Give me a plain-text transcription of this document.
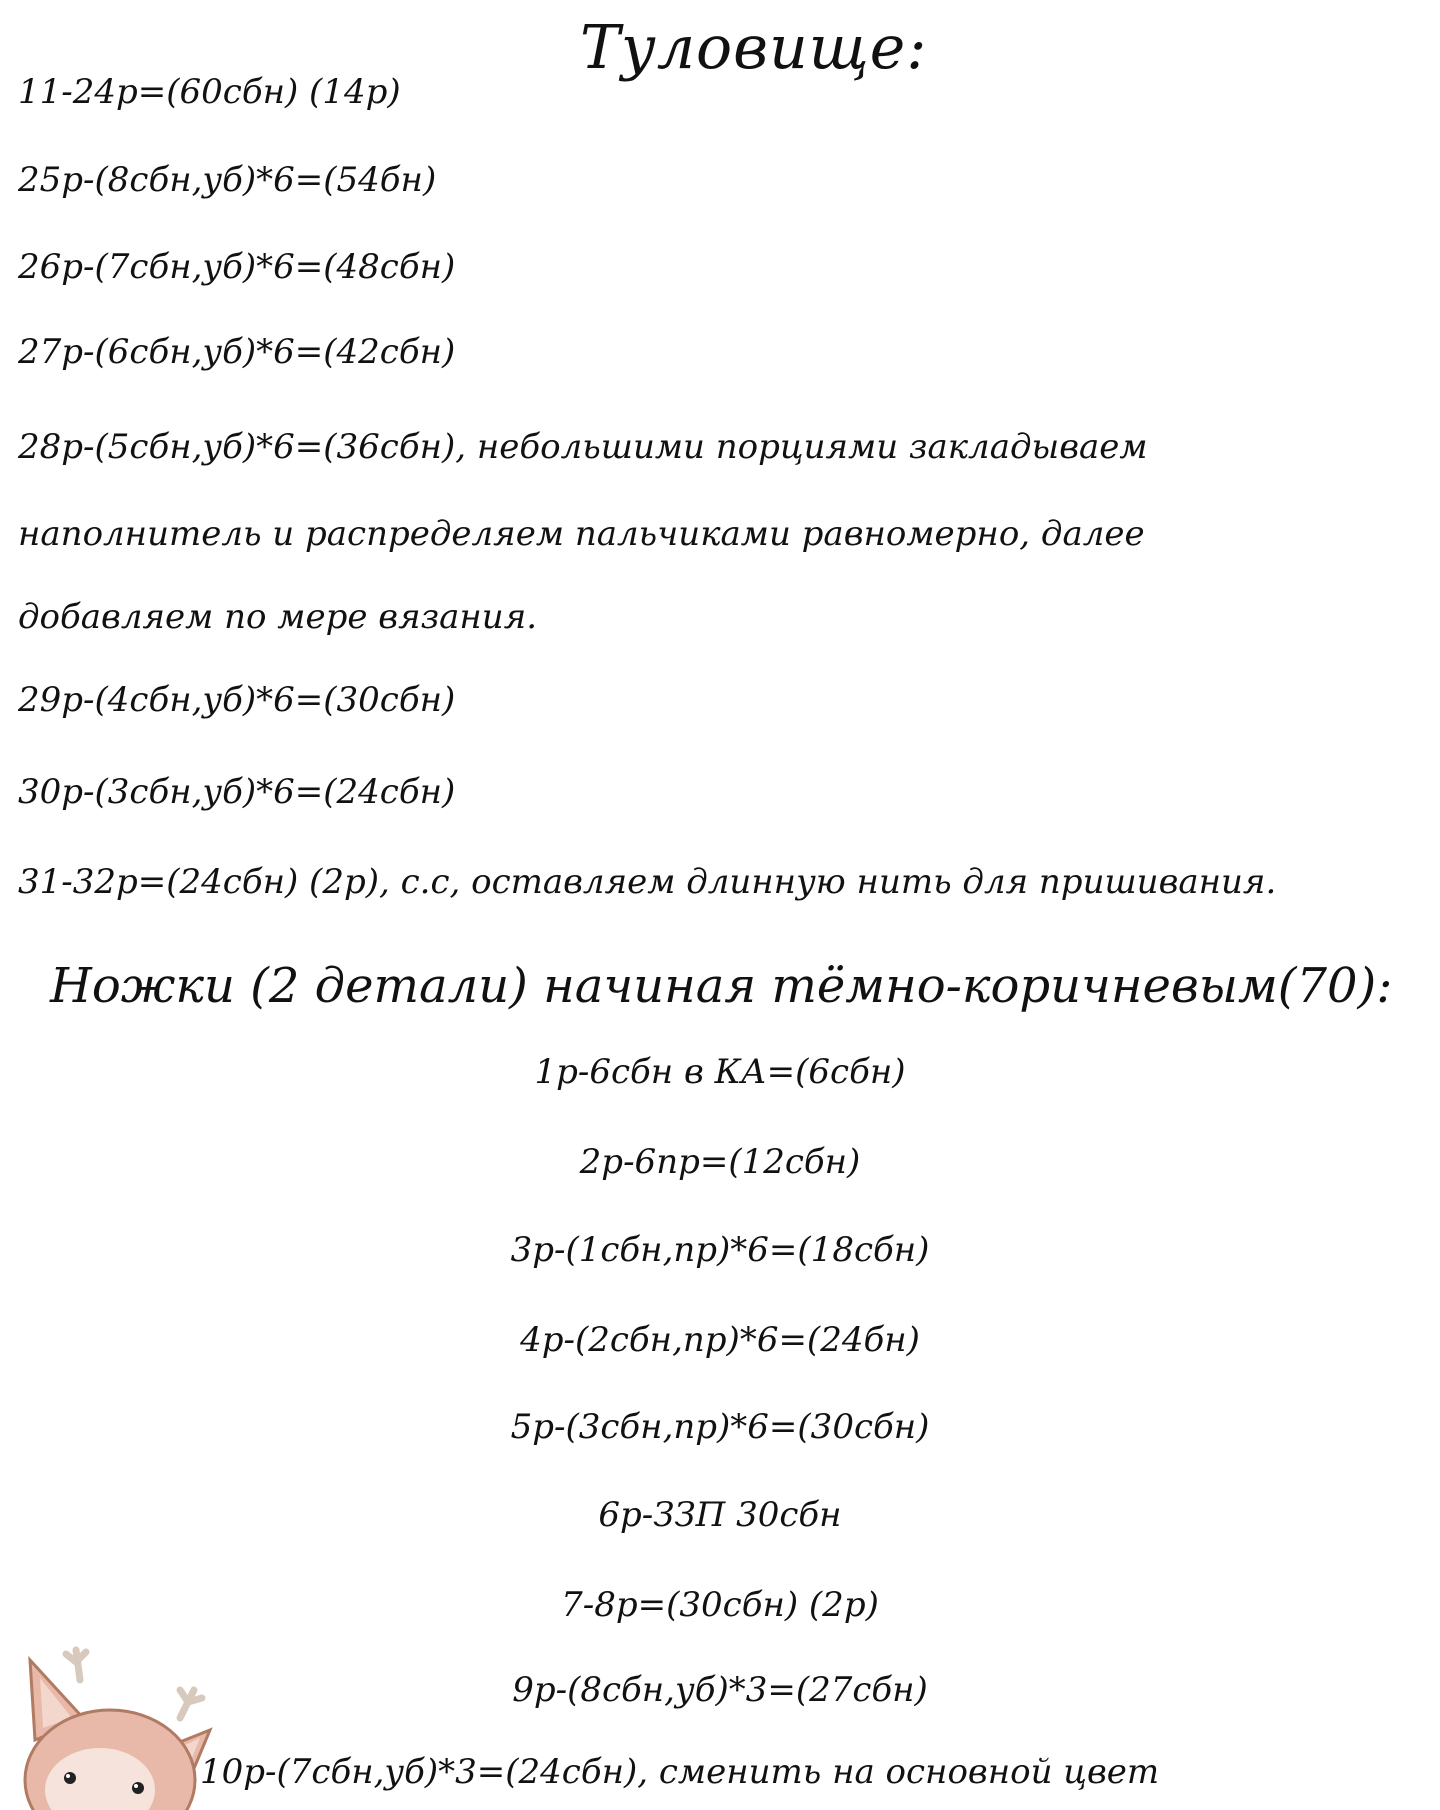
Туловище:
11-24р=(60сбн) (14р)
25р-(8сбн,уб)*6=(54бн)
26р-(7сбн,уб)*6=(48сбн)
27р-(6сбн,уб)*6=(42сбн)
28р-(5сбн,уб)*6=(36сбн), небольшими порциями закладываем
наполнитель и распределяем пальчиками равномерно, далее
добавляем по мере вязания.
29р-(4сбн,уб)*6=(30сбн)
30р-(3сбн,уб)*6=(24сбн)
31-32р=(24сбн) (2р), с.с, оставляем длинную нить для пришивания.
Ножки (2 детали) начиная тёмно-коричневым(70):
1р-6сбн в КА=(6сбн)
2р-6пр=(12сбн)
3р-(1сбн,пр)*6=(18сбн)
4р-(2сбн,пр)*6=(24бн)
5р-(3сбн,пр)*6=(30сбн)
6р-ЗЗП 30сбн
7-8р=(30сбн) (2р)
9р-(8сбн,уб)*3=(27сбн)
10р-(7сбн,уб)*3=(24сбн), сменить на основной цвет
